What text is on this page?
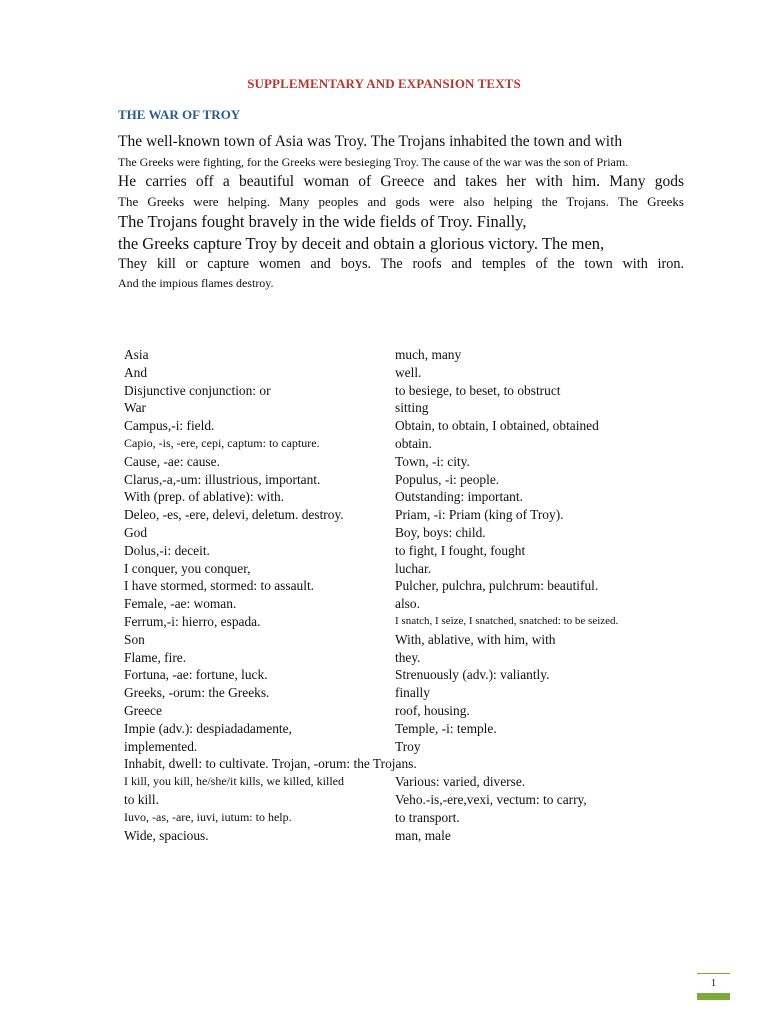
SUPPLEMENTARY AND EXPANSION TEXTS
THE WAR OF TROY
The well-known town of Asia was Troy. The Trojans inhabited the town and with
The Greeks were fighting, for the Greeks were besieging Troy. The cause of the war was the son of Priam.
He carries off a beautiful woman of Greece and takes her with him. Many gods
The Greeks were helping. Many peoples and gods were also helping the Trojans. The Greeks
The Trojans fought bravely in the wide fields of Troy. Finally,
the Greeks capture Troy by deceit and obtain a glorious victory. The men,
They kill or capture women and boys. The roofs and temples of the town with iron.
And the impious flames destroy.
Asia	much, many
And	well.
Disjunctive conjunction: or	to besiege, to beset, to obstruct
War	sitting
Campus,-i: field.	Obtain, to obtain, I obtained, obtained
Capio, -is, -ere, cepi, captum: to capture.	obtain.
Cause, -ae: cause.	Town, -i: city.
Clarus,-a,-um: illustrious, important.	Populus, -i: people.
With (prep. of ablative): with.	Outstanding: important.
Deleo, -es, -ere, delevi, deletum. destroy.	Priam, -i: Priam (king of Troy).
God	Boy, boys: child.
Dolus,-i: deceit.	to fight, I fought, fought
I conquer, you conquer,	luchar.
I have stormed, stormed: to assault.	Pulcher, pulchra, pulchrum: beautiful.
Female, -ae: woman.	also.
Ferrum,-i: hierro, espada.	I snatch, I seize, I snatched, snatched: to be seized.
Son	With, ablative, with him, with
Flame, fire.	they.
Fortuna, -ae: fortune, luck.	Strenuously (adv.): valiantly.
Greeks, -orum: the Greeks.	finally
Greece	roof, housing.
Impie (adv.): despiadadamente,	Temple, -i: temple.
implemented.	Troy
Inhabit, dwell: to cultivate. Trojan, -orum: the Trojans.
I kill, you kill, he/she/it kills, we killed, killed	Various: varied, diverse.
to kill.	Veho.-is,-ere,vexi, vectum: to carry,
Iuvo, -as, -are, iuvi, iutum: to help.	to transport.
Wide, spacious.	man, male
1
